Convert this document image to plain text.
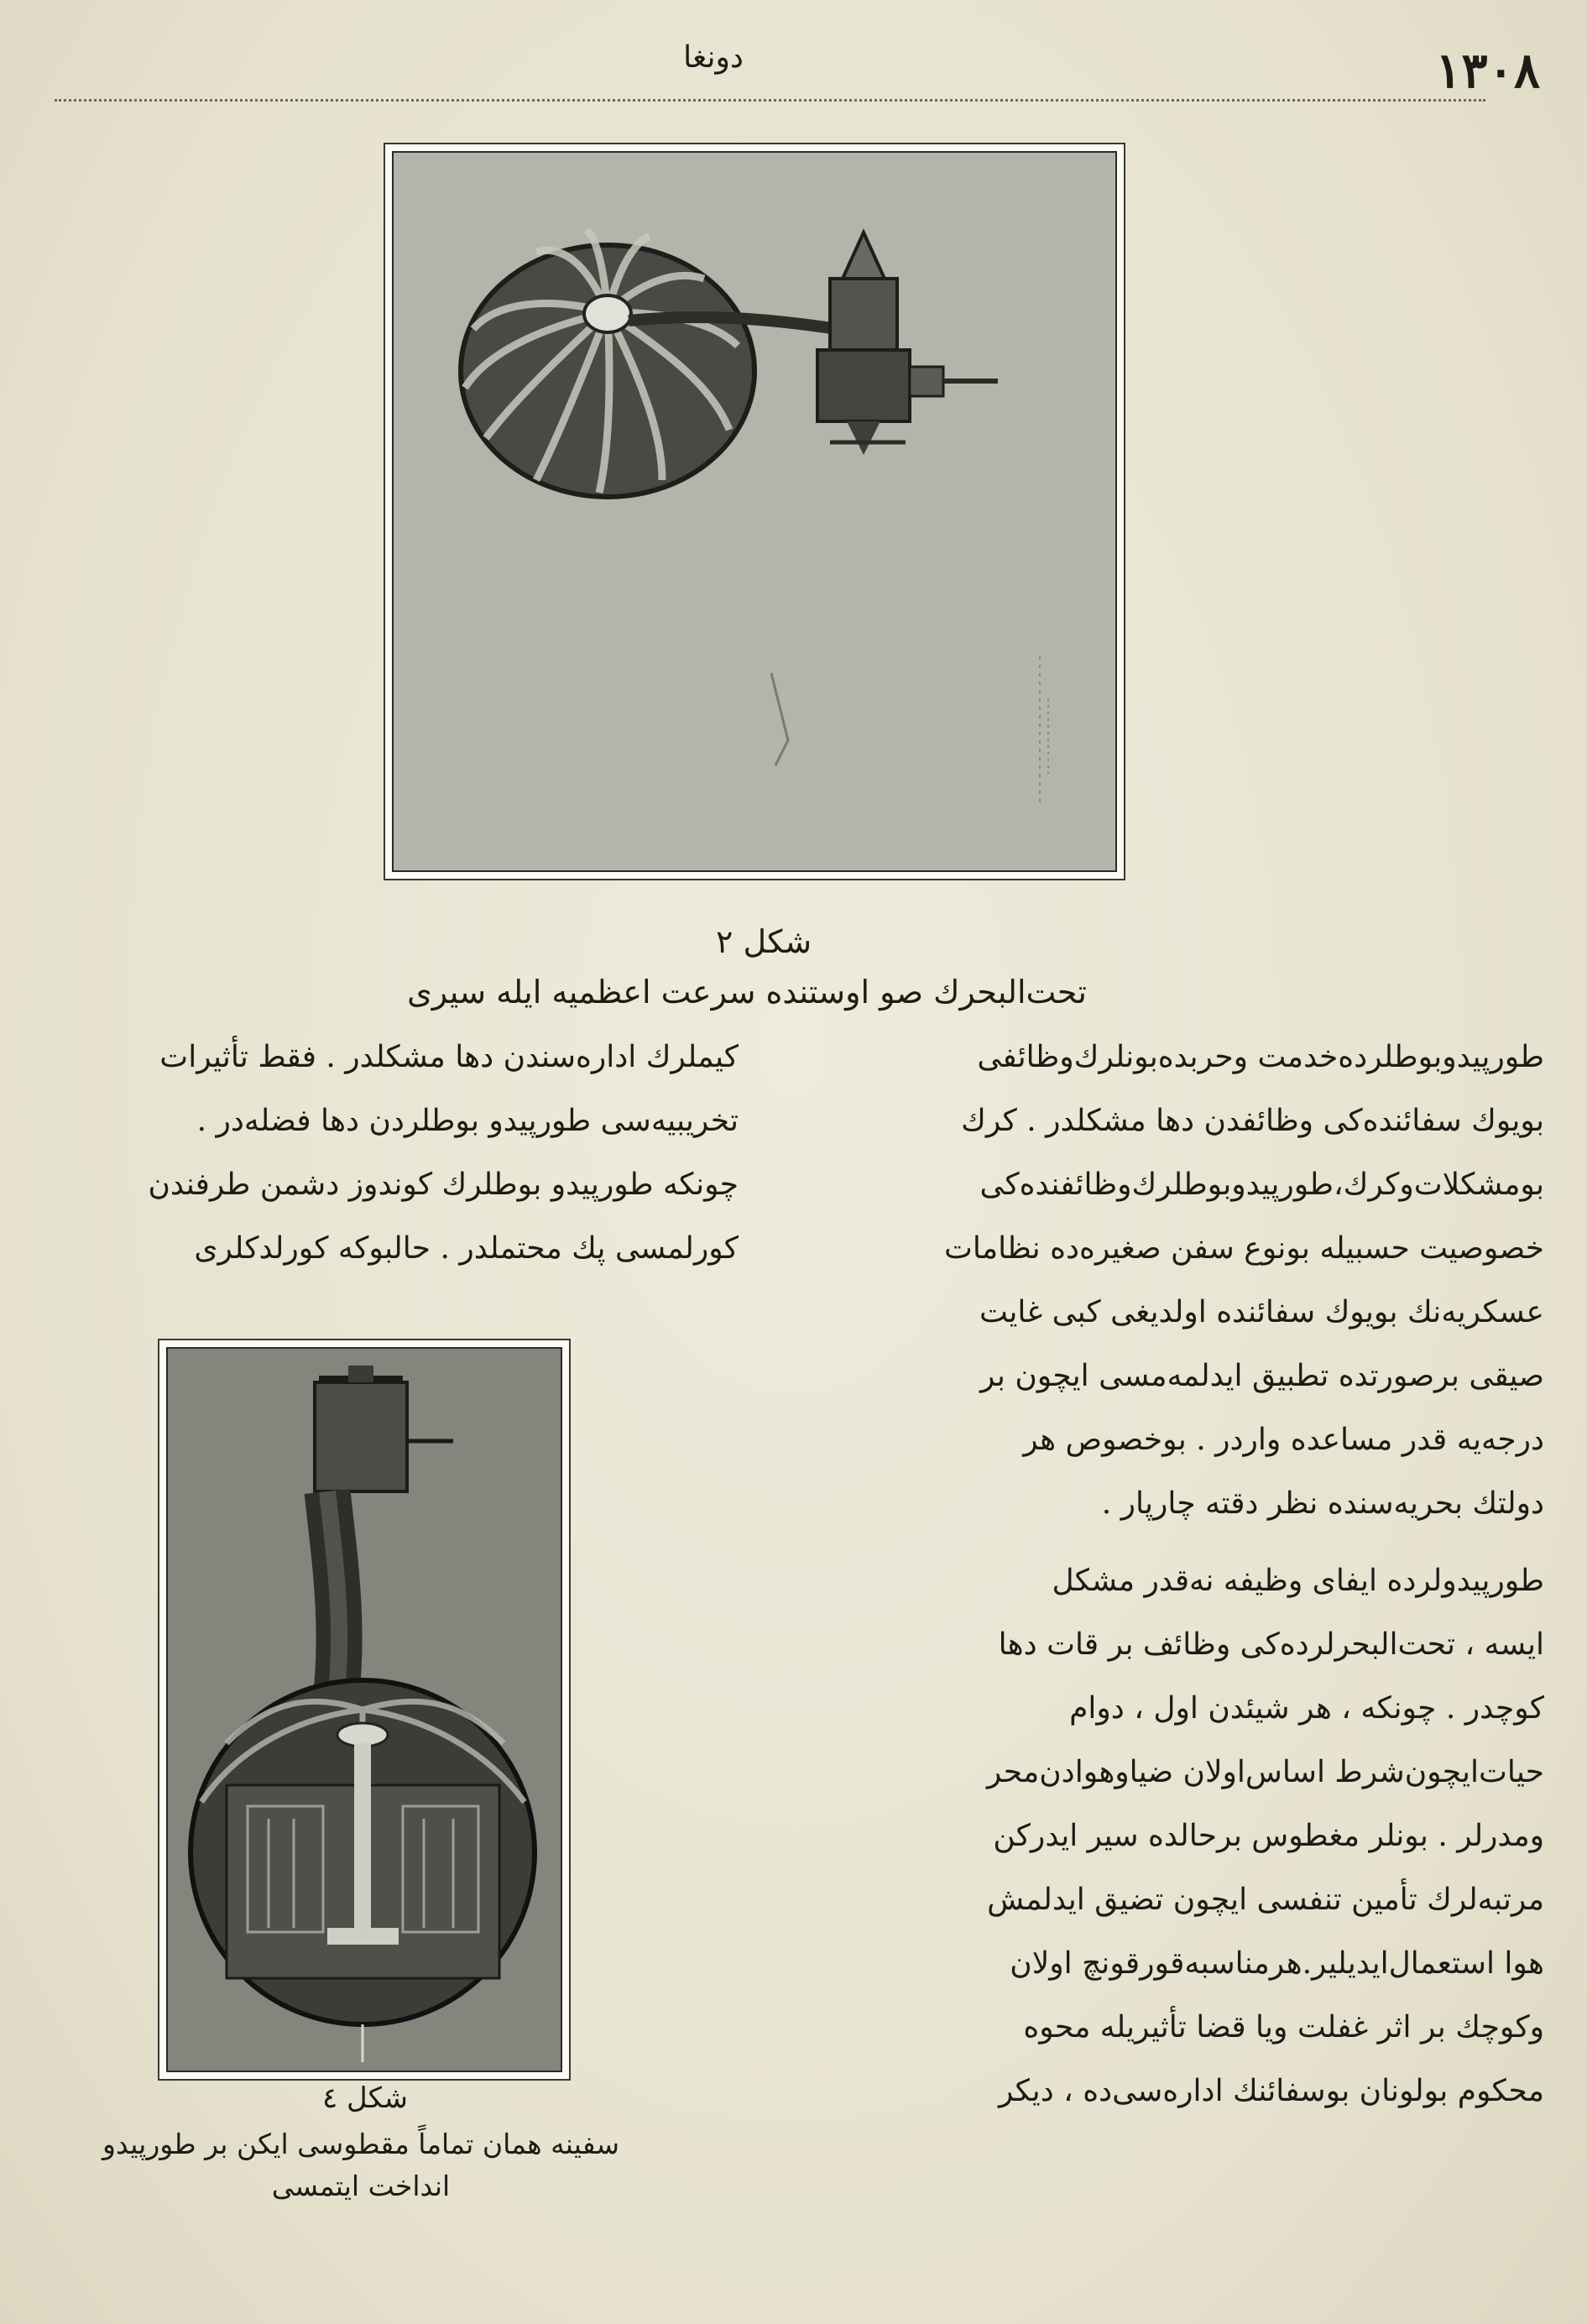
١٣٠٨
دونغا
شكل ٢
تحت‌البحرك صو اوستنده سرعت اعظميه ايله سيرى
طورپيدوبوطلرده‌خدمت وحربده‌بونلرك‌وظائفى
بويوك سفائنده‌كى وظائفدن دها مشكلدر . كرك
بومشكلات‌وكرك،طورپيدوبوطلرك‌وظائفنده‌كى
خصوصيت حسبيله بونوع سفن صغيره‌ده نظامات
عسكريه‌نك بويوك سفائنده اولديغى كبى غايت
صيقى برصورتده تطبيق ايدلمه‌مسى ايچون بر
درجه‌يه قدر مساعده واردر . بوخصوص هر
دولتك بحريه‌سنده نظر دقته چارپار .
طورپيدولرده ايفاى وظيفه نه‌قدر مشكل
ايسه ، تحت‌البحرلرده‌كى وظائف بر قات دها
كوچدر . چونكه ، هر شيئدن اول ، دوام
حيات‌ايچون‌شرط اساس‌اولان ضياوهوادن‌محر
ومدرلر . بونلر مغطوس برحالده سير ايدركن
مرتبه‌لرك تأمين تنفسى ايچون تضيق ايدلمش
هوا استعمال‌ايديلير.هرمناسبه‌قورقونچ اولان
وكوچك بر اثر غفلت ويا قضا تأثيريله محوه
محكوم بولونان بوسفائنك اداره‌سى‌ده ، ديكر
كيملرك اداره‌سندن دها مشكلدر . فقط تأثيرات
تخريبيه‌سى طورپيدو بوطلردن دها فضله‌در .
چونكه طورپيدو بوطلرك كوندوز دشمن طرفندن
كورلمسى پك محتملدر . حالبوكه كورلدكلرى
شكل ٤
سفينه همان تماماً مقطوسى ايكن بر طورپيدو
انداخت ايتمسى
